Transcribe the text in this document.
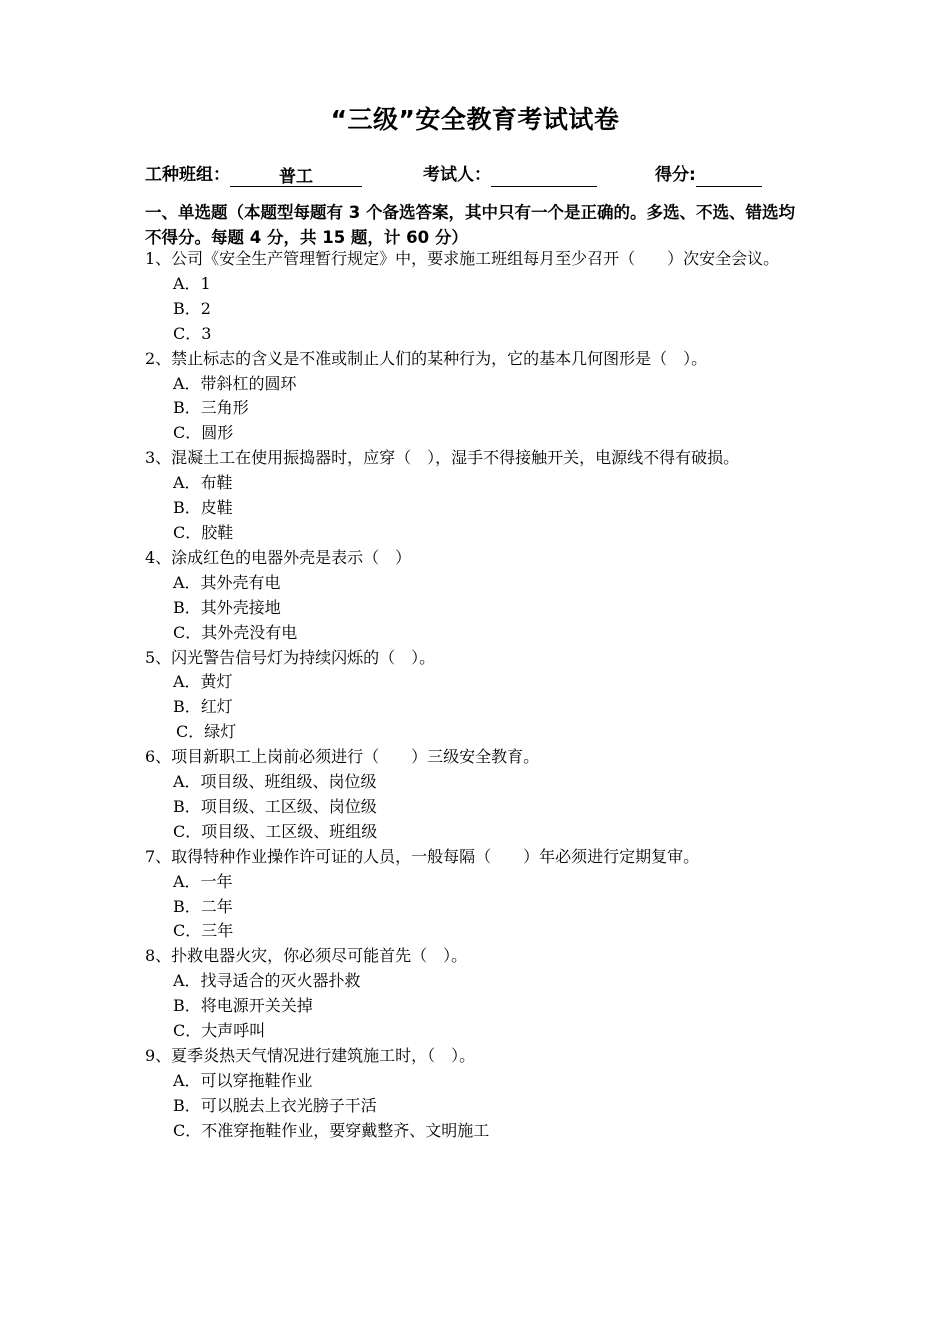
“三级”安全教育考试试卷
工种班组：	普工	考试人：	得分:
一、单选题（本题型每题有 3 个备选答案，其中只有一个是正确的。多选、不选、错选均不得分。每题 4 分，共 15 题，计 60 分）
1、公司《安全生产管理暂行规定》中，要求施工班组每月至少召开（　　）次安全会议。
A．1
B．2
C．3
2、禁止标志的含义是不准或制止人们的某种行为，它的基本几何图形是（　）。
A．带斜杠的圆环
B．三角形
C．圆形
3、混凝土工在使用振捣器时，应穿（　），湿手不得接触开关，电源线不得有破损。
A．布鞋
B．皮鞋
C．胶鞋
4、涂成红色的电器外壳是表示（　）
A．其外壳有电
B．其外壳接地
C．其外壳没有电
5、闪光警告信号灯为持续闪烁的（　）。
A．黄灯
B．红灯
C．绿灯
6、项目新职工上岗前必须进行（　　）三级安全教育。
A．项目级、班组级、岗位级
B．项目级、工区级、岗位级
C．项目级、工区级、班组级
7、取得特种作业操作许可证的人员，一般每隔（　　）年必须进行定期复审。
A．一年
B．二年
C．三年
8、扑救电器火灾，你必须尽可能首先（　）。
A．找寻适合的灭火器扑救
B．将电源开关关掉
C．大声呼叫
9、夏季炎热天气情况进行建筑施工时，（　）。
A．可以穿拖鞋作业
B．可以脱去上衣光膀子干活
C．不准穿拖鞋作业，要穿戴整齐、文明施工
